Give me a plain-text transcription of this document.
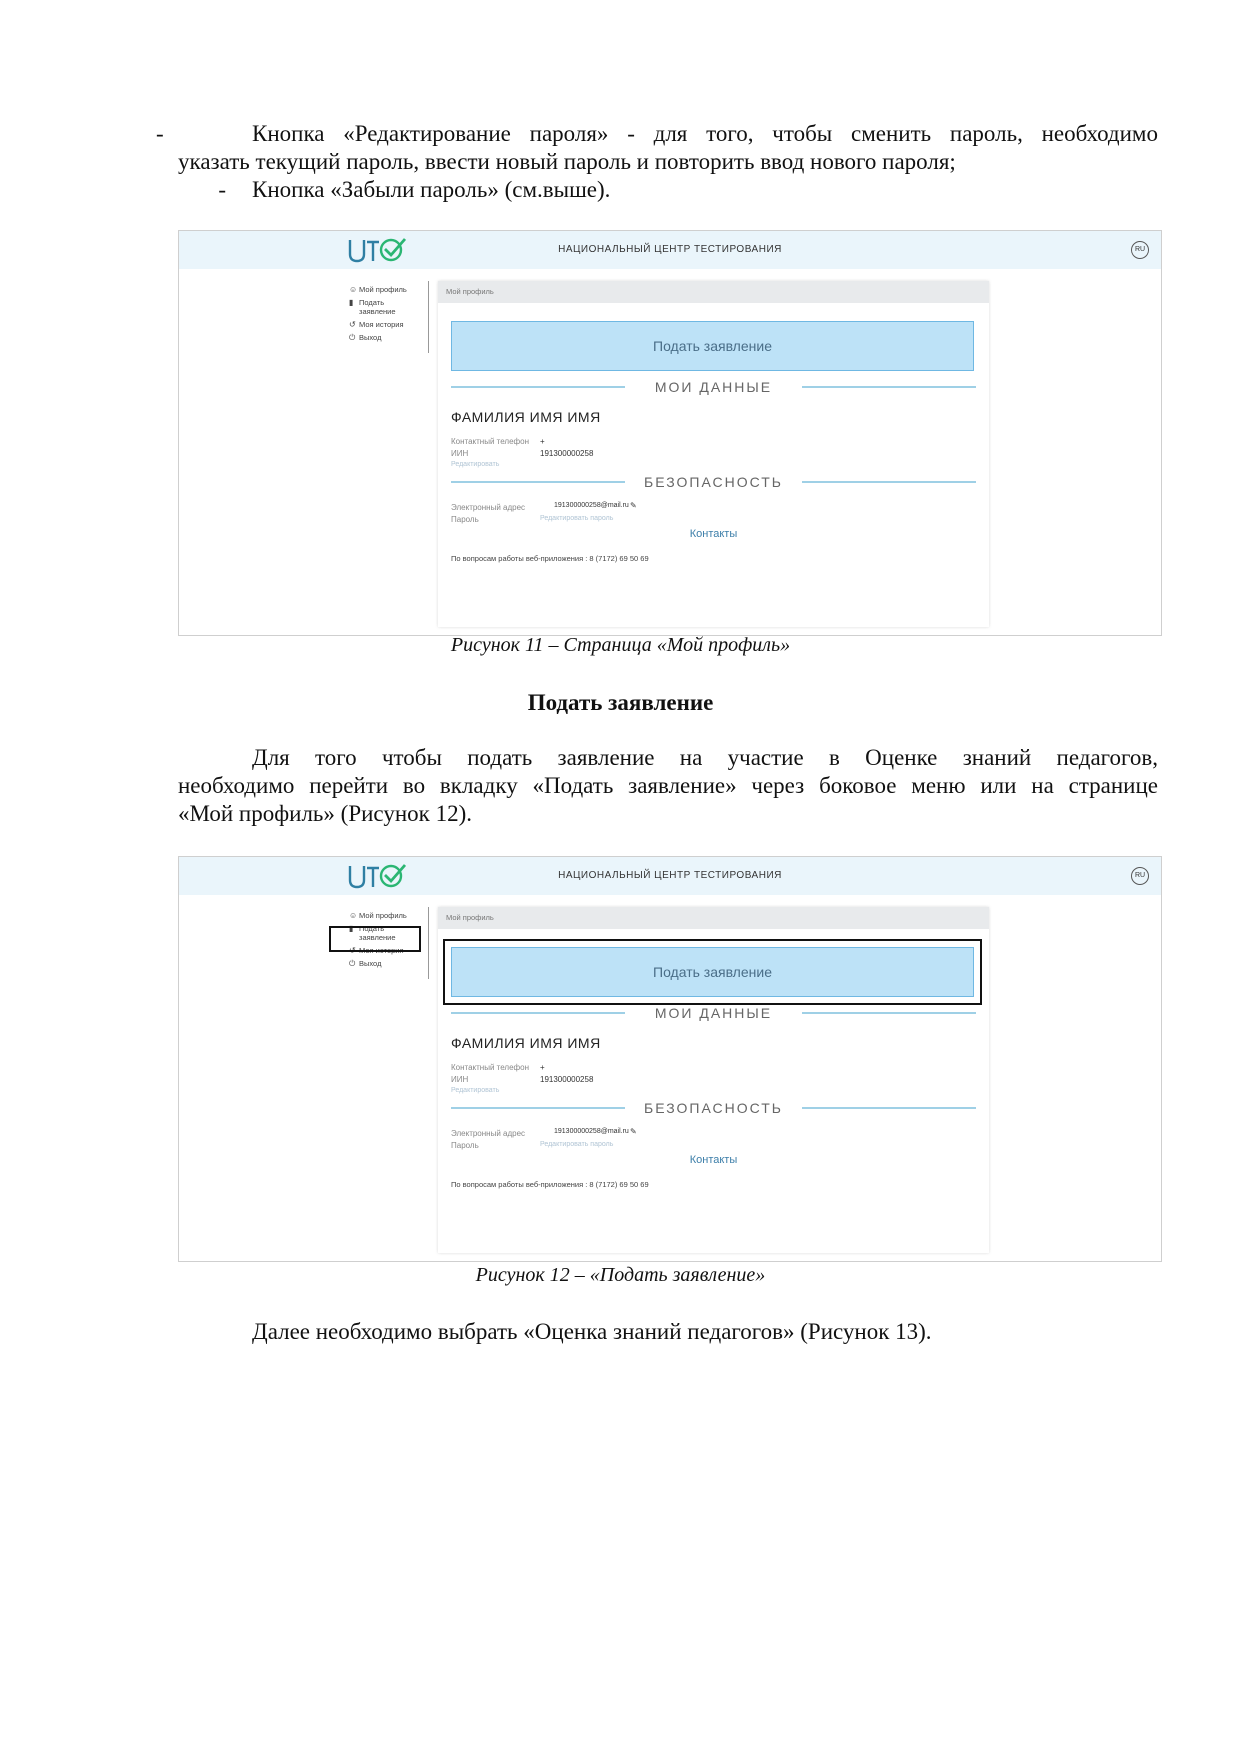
-	Кнопка «Редактирование пароля» - для того, чтобы сменить пароль, необходимо
указать текущий пароль, ввести новый пароль и повторить ввод нового пароля;
- Кнопка «Забыли пароль» (см.выше).
НАЦИОНАЛЬНЫЙ ЦЕНТР ТЕСТИРОВАНИЯ	RU
☺ Мой профиль
▮ Подать заявление
↺ Моя история
⏻ Выход
Мой профиль
Подать заявление
МОИ ДАННЫЕ
ФАМИЛИЯ ИМЯ ИМЯ
Контактный телефон +
ИИН	191300000258
Редактировать
БЕЗОПАСНОСТЬ
Электронный адрес	191300000258@mail.ru ✎
Пароль	Редактировать пароль
Контакты
По вопросам работы веб-приложения : 8 (7172) 69 50 69
Рисунок 11 – Страница «Мой профиль»
Подать заявление
Для того чтобы подать заявление на участие в Оценке знаний педагогов,
необходимо перейти во вкладку «Подать заявление» через боковое меню или на странице
«Мой профиль» (Рисунок 12).
НАЦИОНАЛЬНЫЙ ЦЕНТР ТЕСТИРОВАНИЯ	RU
☺ Мой профиль
▮ Подать заявление
↺ Моя история
⏻ Выход
Мой профиль
Подать заявление
МОИ ДАННЫЕ
ФАМИЛИЯ ИМЯ ИМЯ
Контактный телефон +
ИИН	191300000258
Редактировать
БЕЗОПАСНОСТЬ
Электронный адрес	191300000258@mail.ru ✎
Пароль	Редактировать пароль
Контакты
По вопросам работы веб-приложения : 8 (7172) 69 50 69
Рисунок 12 – «Подать заявление»
Далее необходимо выбрать «Оценка знаний педагогов» (Рисунок 13).
